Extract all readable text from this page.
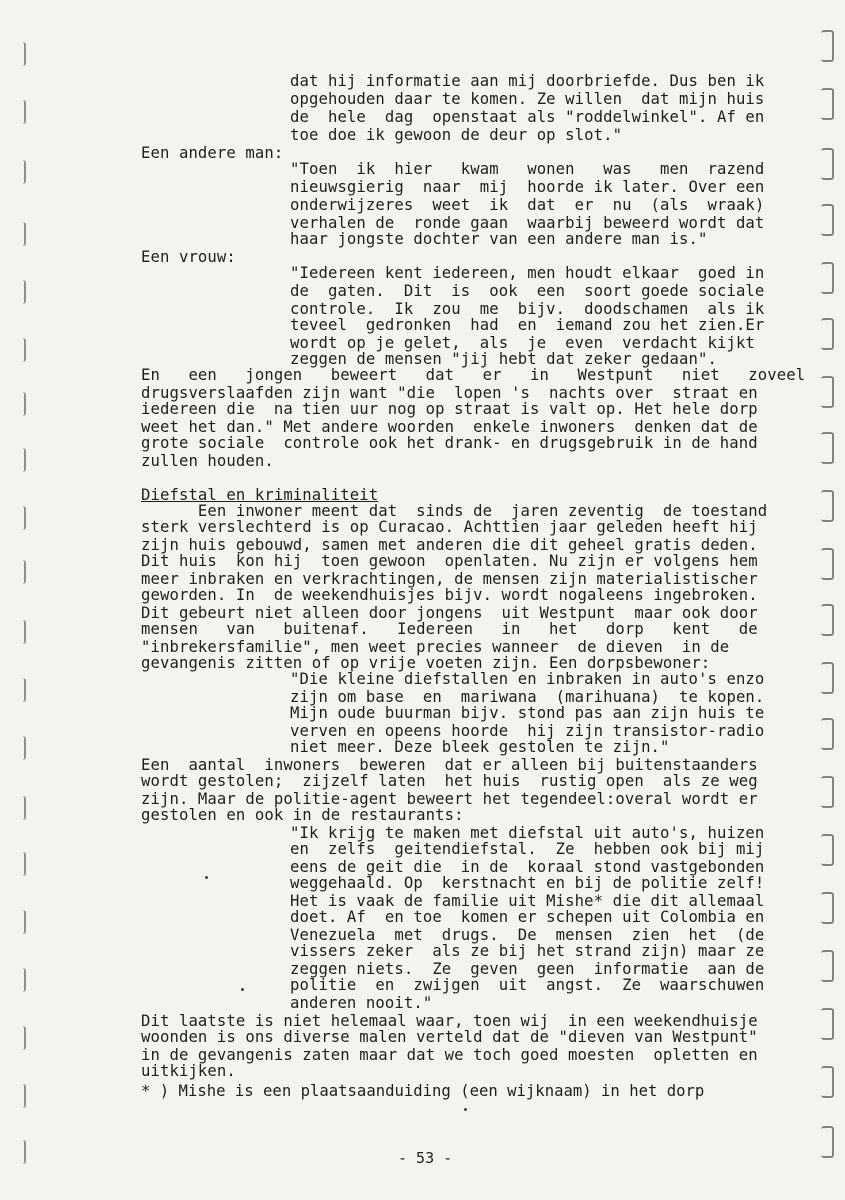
dat hij informatie aan mij doorbriefde. Dus ben ik
opgehouden daar te komen. Ze willen  dat mijn huis
de  hele  dag  openstaat als "roddelwinkel". Af en
toe doe ik gewoon de deur op slot."
Een andere man:
"Toen  ik  hier   kwam   wonen   was   men  razend
nieuwsgierig  naar  mij  hoorde ik later. Over een
onderwijzeres  weet  ik  dat  er  nu  (als  wraak)
verhalen de  ronde gaan  waarbij beweerd wordt dat
haar jongste dochter van een andere man is."
Een vrouw:
"Iedereen kent iedereen, men houdt elkaar  goed in
de  gaten.  Dit  is  ook  een  soort goede sociale
controle.  Ik  zou  me  bijv.  doodschamen  als ik
teveel  gedronken  had  en  iemand zou het zien.Er
wordt op je gelet,  als  je  even  verdacht kijkt
zeggen de mensen "jij hebt dat zeker gedaan".
En   een   jongen   beweert   dat   er   in   Westpunt   niet   zoveel
drugsverslaafden zijn want "die  lopen 's  nachts over  straat en
iedereen die  na tien uur nog op straat is valt op. Het hele dorp
weet het dan." Met andere woorden  enkele inwoners  denken dat de
grote sociale  controle ook het drank- en drugsgebruik in de hand
zullen houden.
Diefstal en kriminaliteit
Een inwoner meent dat  sinds de  jaren zeventig  de toestand
sterk verslechterd is op Curacao. Achttien jaar geleden heeft hij
zijn huis gebouwd, samen met anderen die dit geheel gratis deden.
Dit huis  kon hij  toen gewoon  openlaten. Nu zijn er volgens hem
meer inbraken en verkrachtingen, de mensen zijn materialistischer
geworden. In  de weekendhuisjes bijv. wordt nogaleens ingebroken.
Dit gebeurt niet alleen door jongens  uit Westpunt  maar ook door
mensen   van   buitenaf.   Iedereen   in   het   dorp   kent   de
"inbrekersfamilie", men weet precies wanneer  de dieven  in de
gevangenis zitten of op vrije voeten zijn. Een dorpsbewoner:
"Die kleine diefstallen en inbraken in auto's enzo
zijn om base  en  mariwana  (marihuana)  te kopen.
Mijn oude buurman bijv. stond pas aan zijn huis te
verven en opeens hoorde  hij zijn transistor-radio
niet meer. Deze bleek gestolen te zijn."
Een  aantal  inwoners  beweren  dat er alleen bij buitenstaanders
wordt gestolen;  zijzelf laten  het huis  rustig open  als ze weg
zijn. Maar de politie-agent beweert het tegendeel:overal wordt er
gestolen en ook in de restaurants:
"Ik krijg te maken met diefstal uit auto's, huizen
en  zelfs  geitendiefstal.  Ze  hebben ook bij mij
eens de geit die  in de  koraal stond vastgebonden
weggehaald. Op  kerstnacht en bij de politie zelf!
Het is vaak de familie uit Mishe* die dit allemaal
doet. Af  en toe  komen er schepen uit Colombia en
Venezuela  met  drugs.  De  mensen  zien  het  (de
vissers zeker  als ze bij het strand zijn) maar ze
zeggen niets.  Ze  geven  geen  informatie  aan de
politie  en  zwijgen  uit  angst.  Ze  waarschuwen
anderen nooit."
Dit laatste is niet helemaal waar, toen wij  in een weekendhuisje
woonden is ons diverse malen verteld dat de "dieven van Westpunt"
in de gevangenis zaten maar dat we toch goed moesten  opletten en
uitkijken.
* ) Mishe is een plaatsaanduiding (een wijknaam) in het dorp
- 53 -
